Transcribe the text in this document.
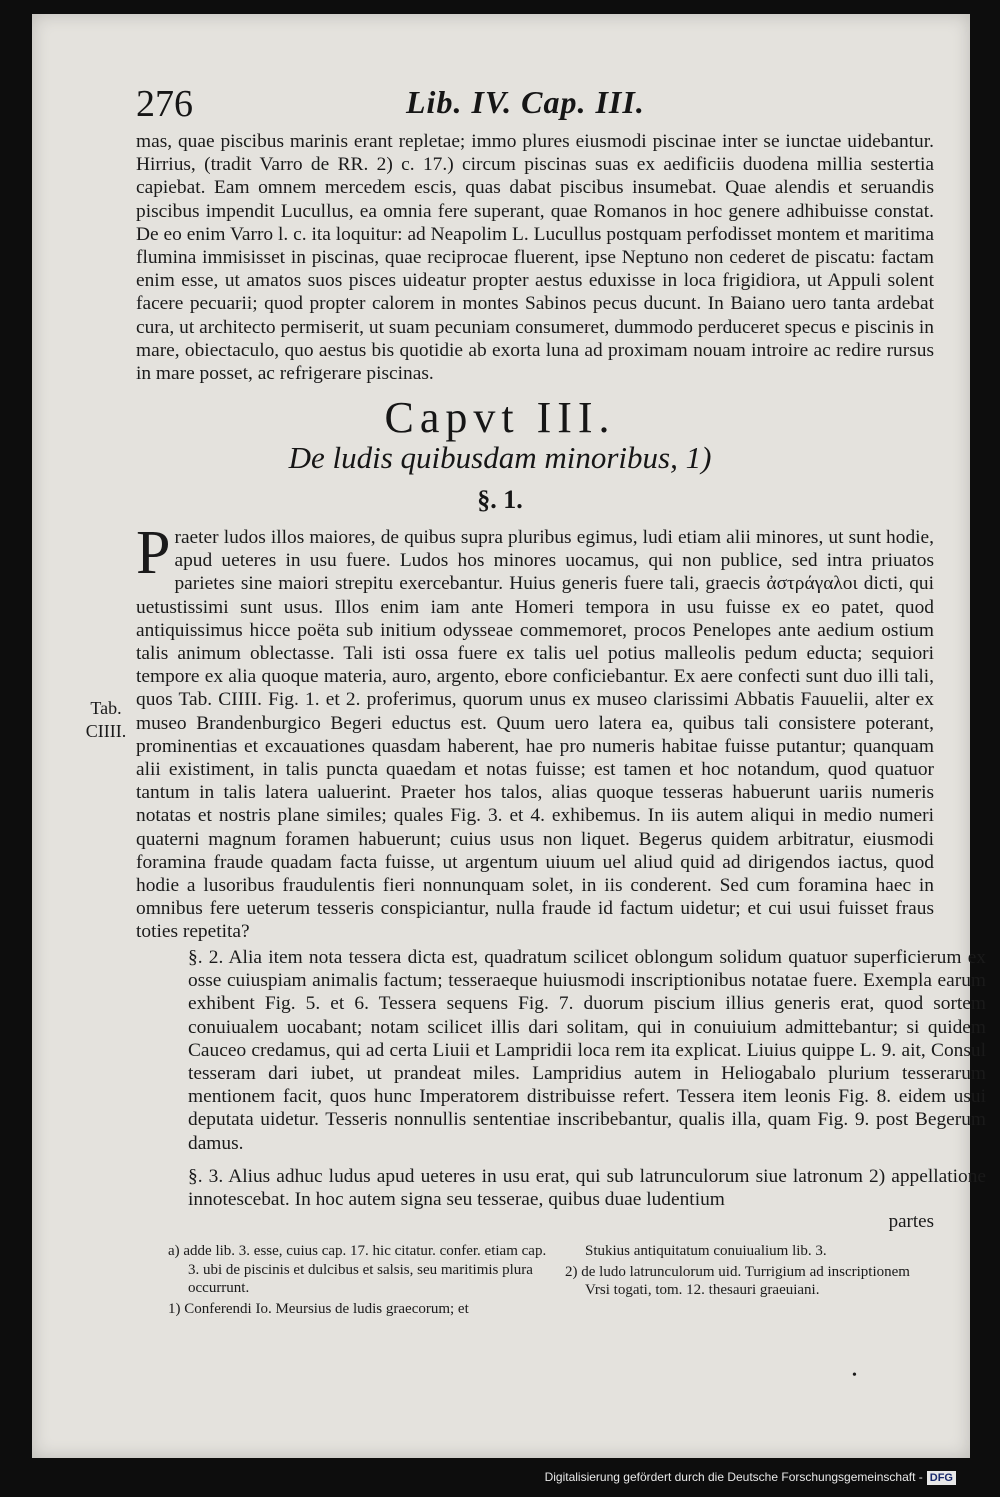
276	Lib. IV. Cap. III.

mas, quae piscibus marinis erant repletae; immo plures eiusmodi piscinae inter se iunctae uidebantur. Hirrius, (tradit Varro de RR. 2) c. 17.) circum piscinas suas ex aedificiis duodena millia sestertia capiebat. Eam omnem mercedem escis, quas dabat piscibus insumebat. Quae alendis et seruandis piscibus impendit Lucullus, ea omnia fere superant, quae Romanos in hoc genere adhibuisse constat. De eo enim Varro l. c. ita loquitur: ad Neapolim L. Lucullus postquam perfodisset montem et maritima flumina immisisset in piscinas, quae reciprocae fluerent, ipse Neptuno non cederet de piscatu: factam enim esse, ut amatos suos pisces uideatur propter aestus eduxisse in loca frigidiora, ut Appuli solent facere pecuarii; quod propter calorem in montes Sabinos pecus ducunt. In Baiano uero tanta ardebat cura, ut architecto permiserit, ut suam pecuniam consumeret, dummodo perduceret specus e piscinis in mare, obiectaculo, quo aestus bis quotidie ab exorta luna ad proximam nouam introire ac redire rursus in mare posset, ac refrigerare piscinas.

Capvt III.
De ludis quibusdam minoribus, 1)
§. 1.

Praeter ludos illos maiores, de quibus supra pluribus egimus, ludi etiam alii minores, ut sunt hodie, apud ueteres in usu fuere. Ludos hos minores uocamus, qui non publice, sed intra priuatos parietes sine maiori strepitu exercebantur. Huius generis fuere tali, graecis ἀστράγαλοι dicti, qui uetustissimi sunt usus. Illos enim iam ante Homeri tempora in usu fuisse ex eo patet, quod antiquissimus hicce poëta sub initium odysseae commemoret, procos Penelopes ante aedium ostium talis animum oblectasse. Tali isti ossa fuere ex talis uel potius malleolis pedum educta; sequiori tempore ex alia quoque materia, auro, argento, ebore conficiebantur. Ex aere confecti sunt duo illi tali, quos Tab. CIIII. Fig. 1. et 2. proferimus, quorum unus ex museo clarissimi Abbatis Fauuelii, alter ex museo Brandenburgico Begeri eductus est. Quum uero latera ea, quibus tali consistere poterant, prominentias et excauationes quasdam haberent, hae pro numeris habitae fuisse putantur; quanquam alii existiment, in talis puncta quaedam et notas fuisse; est tamen et hoc notandum, quod quatuor tantum in talis latera ualuerint. Praeter hos talos, alias quoque tesseras habuerunt uariis numeris notatas et nostris plane similes; quales Fig. 3. et 4. exhibemus. In iis autem aliqui in medio numeri quaterni magnum foramen habuerunt; cuius usus non liquet. Begerus quidem arbitratur, eiusmodi foramina fraude quadam facta fuisse, ut argentum uiuum uel aliud quid ad dirigendos iactus, quod hodie a lusoribus fraudulentis fieri nonnunquam solet, in iis conderent. Sed cum foramina haec in omnibus fere ueterum tesseris conspiciantur, nulla fraude id factum uidetur; et cui usui fuisset fraus toties repetita?

Tab. CIIII.

§. 2. Alia item nota tessera dicta est, quadratum scilicet oblongum solidum quatuor superficierum ex osse cuiuspiam animalis factum; tesseraeque huiusmodi inscriptionibus notatae fuere. Exempla earum exhibent Fig. 5. et 6. Tessera sequens Fig. 7. duorum piscium illius generis erat, quod sortem conuiualem uocabant; notam scilicet illis dari solitam, qui in conuiuium admittebantur; si quidem Cauceo credamus, qui ad certa Liuii et Lampridii loca rem ita explicat. Liuius quippe L. 9. ait, Consul tesseram dari iubet, ut prandeat miles. Lampridius autem in Heliogabalo plurium tesserarum mentionem facit, quos hunc Imperatorem distribuisse refert. Tessera item leonis Fig. 8. eidem usui deputata uidetur. Tesseris nonnullis sententiae inscribebantur, qualis illa, quam Fig. 9. post Begerum damus.

§. 3. Alius adhuc ludus apud ueteres in usu erat, qui sub latrunculorum siue latronum 2) appellatione innotescebat. In hoc autem signa seu tesserae, quibus duae ludentium

partes

a) adde lib. 3. esse, cuius cap. 17. hic citatur. confer. etiam cap. 3. ubi de piscinis et dulcibus et salsis, seu maritimis plura occurrunt.

1) Conferendi Io. Meursius de ludis graecorum; et

Stukius antiquitatum conuiualium lib. 3.

2) de ludo latrunculorum uid. Turrigium ad inscriptionem Vrsi togati, tom. 12. thesauri graeuiani.

•
Digitalisierung gefördert durch die Deutsche Forschungsgemeinschaft - DFG
